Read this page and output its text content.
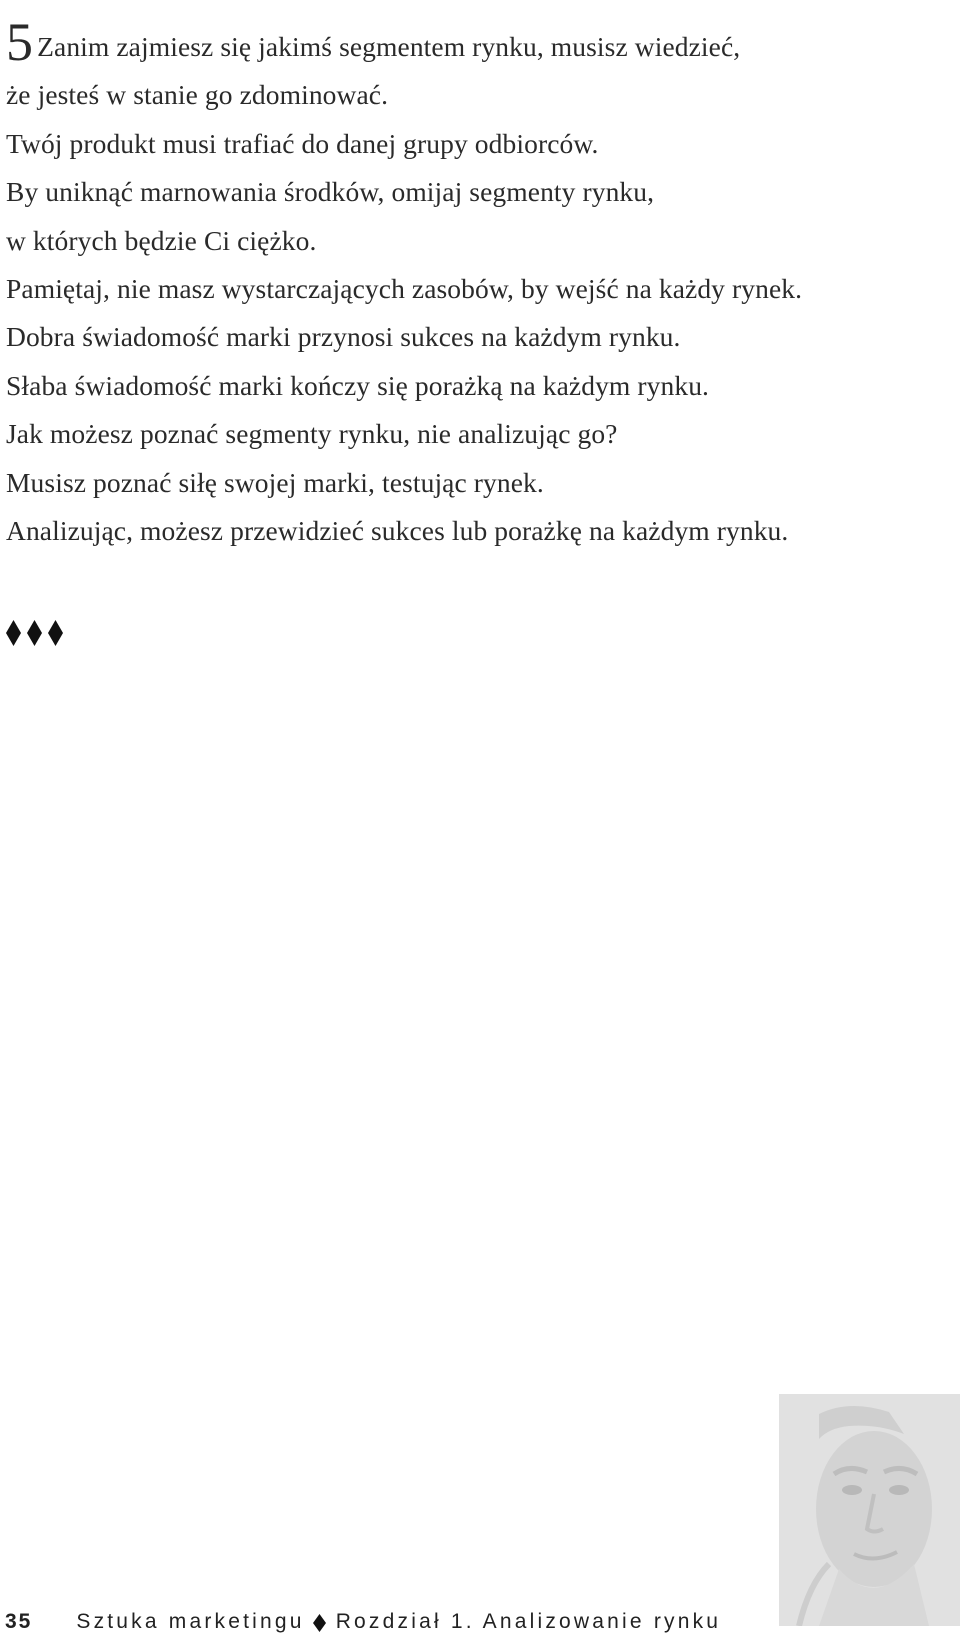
5 Zanim zajmiesz się jakimś segmentem rynku, musisz wiedzieć,
że jesteś w stanie go zdominować.
Twój produkt musi trafiać do danej grupy odbiorców.
By uniknąć marnowania środków, omijaj segmenty rynku,
w których będzie Ci ciężko.
Pamiętaj, nie masz wystarczających zasobów, by wejść na każdy rynek.
Dobra świadomość marki przynosi sukces na każdym rynku.
Słaba świadomość marki kończy się porażką na każdym rynku.
Jak możesz poznać segmenty rynku, nie analizując go?
Musisz poznać siłę swojej marki, testując rynek.
Analizując, możesz przewidzieć sukces lub porażkę na każdym rynku.
35 Sztuka marketingu Rozdział 1. Analizowanie rynku
